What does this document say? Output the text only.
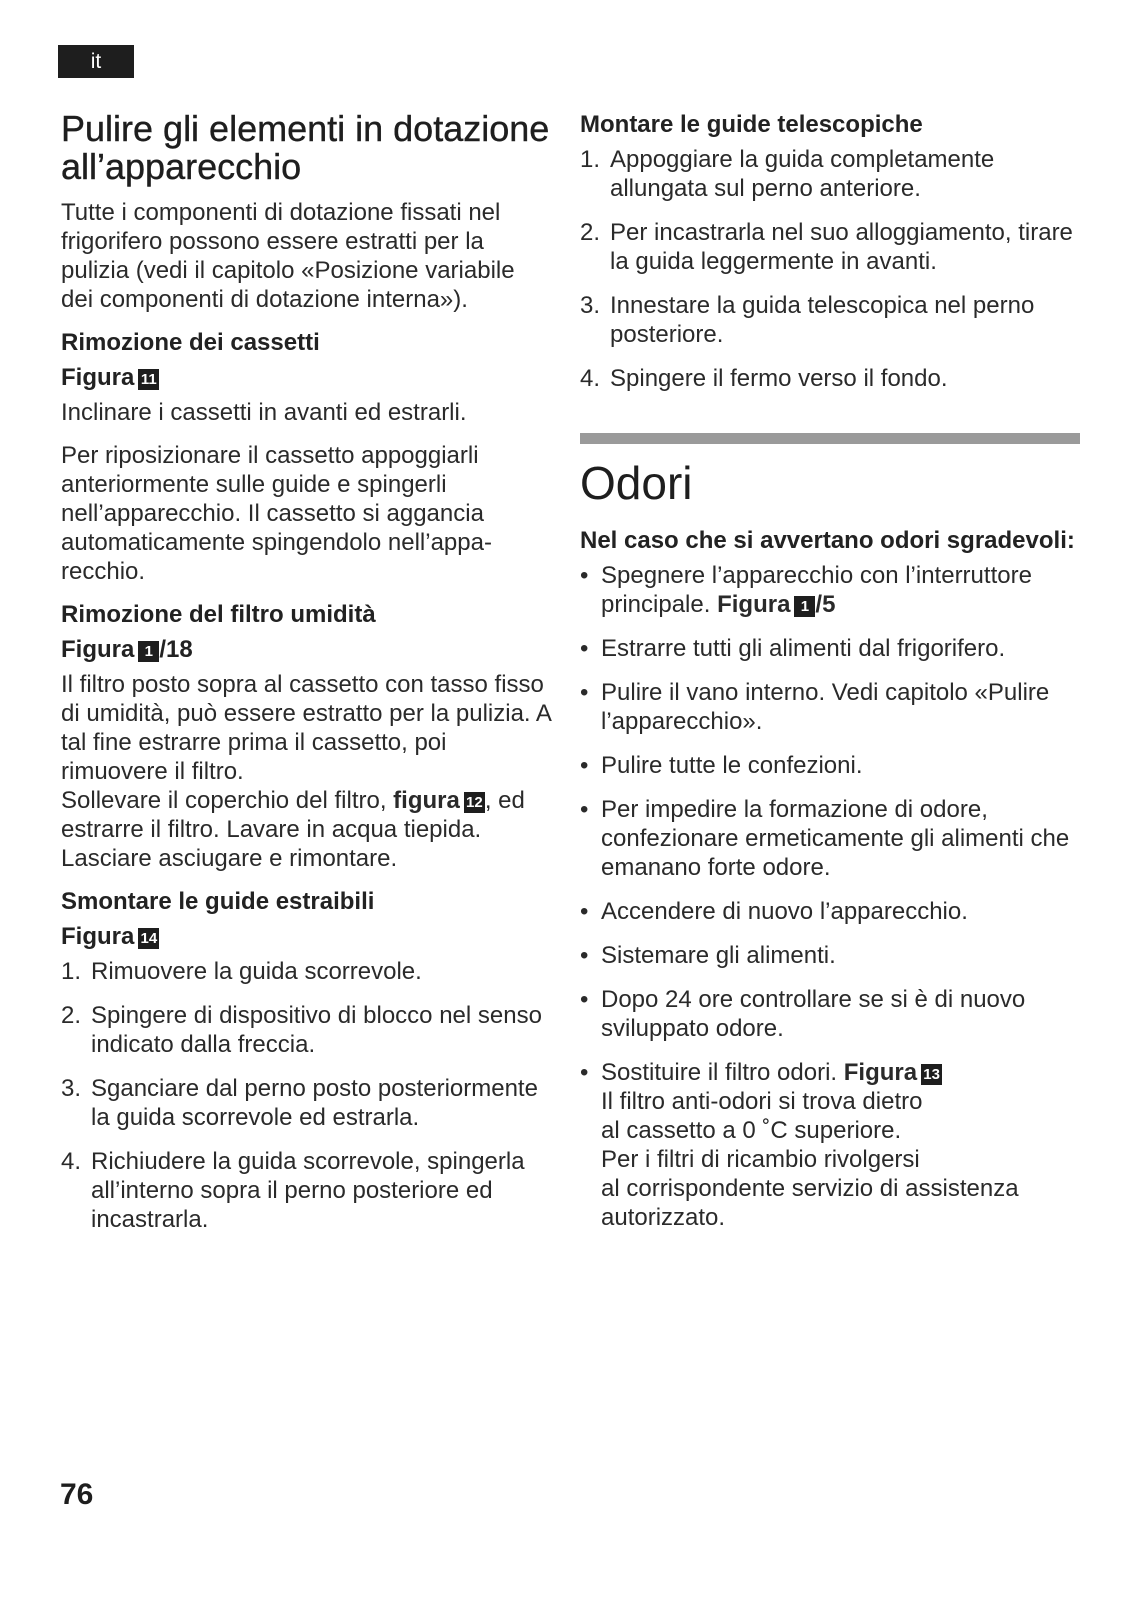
it
Pulire gli elementi in dotazione all’apparecchio

Tutte i componenti di dotazione fissati nel frigorifero possono essere estratti per la pulizia (vedi il capitolo «Posizione variabile dei componenti di dotazione interna»).

Rimozione dei cassetti
Figura 11

Inclinare i cassetti in avanti ed estrarli.

Per riposizionare il cassetto appoggiarli anteriormente sulle guide e spingerli nell’apparecchio. Il cassetto si aggancia automaticamente spingendolo nell’apparecchio.

Rimozione del filtro umidità
Figura 1 /18

Il filtro posto sopra al cassetto con tasso fisso di umidità, può essere estratto per la pulizia. A tal fine estrarre prima il cassetto, poi rimuovere il filtro.
Sollevare il coperchio del filtro, figura 12, ed estrarre il filtro. Lavare in acqua tiepida. Lasciare asciugare e rimontare.

Smontare le guide estraibili
Figura 14
1. Rimuovere la guida scorrevole.
2. Spingere di dispositivo di blocco nel senso indicato dalla freccia.
3. Sganciare dal perno posto posteriormente la guida scorrevole ed estrarla.
4. Richiudere la guida scorrevole, spingerla all’interno sopra il perno posteriore ed incastrarla.
Montare le guide telescopiche
1. Appoggiare la guida completamente allungata sul perno anteriore.
2. Per incastrarla nel suo alloggiamento, tirare la guida leggermente in avanti.
3. Innestare la guida telescopica nel perno posteriore.
4. Spingere il fermo verso il fondo.
Odori
Nel caso che si avvertano odori sgradevoli:
• Spegnere l’apparecchio con l’interruttore principale. Figura 1 /5
• Estrarre tutti gli alimenti dal frigorifero.
• Pulire il vano interno. Vedi capitolo «Pulire l’apparecchio».
• Pulire tutte le confezioni.
• Per impedire la formazione di odore, confezionare ermeticamente gli alimenti che emanano forte odore.
• Accendere di nuovo l’apparecchio.
• Sistemare gli alimenti.
• Dopo 24 ore controllare se si è di nuovo sviluppato odore.
• Sostituire il filtro odori. Figura 13
Il filtro anti-odori si trova dietro
al cassetto a 0 ˚C superiore.
Per i filtri di ricambio rivolgersi
al corrispondente servizio di assistenza autorizzato.
76
